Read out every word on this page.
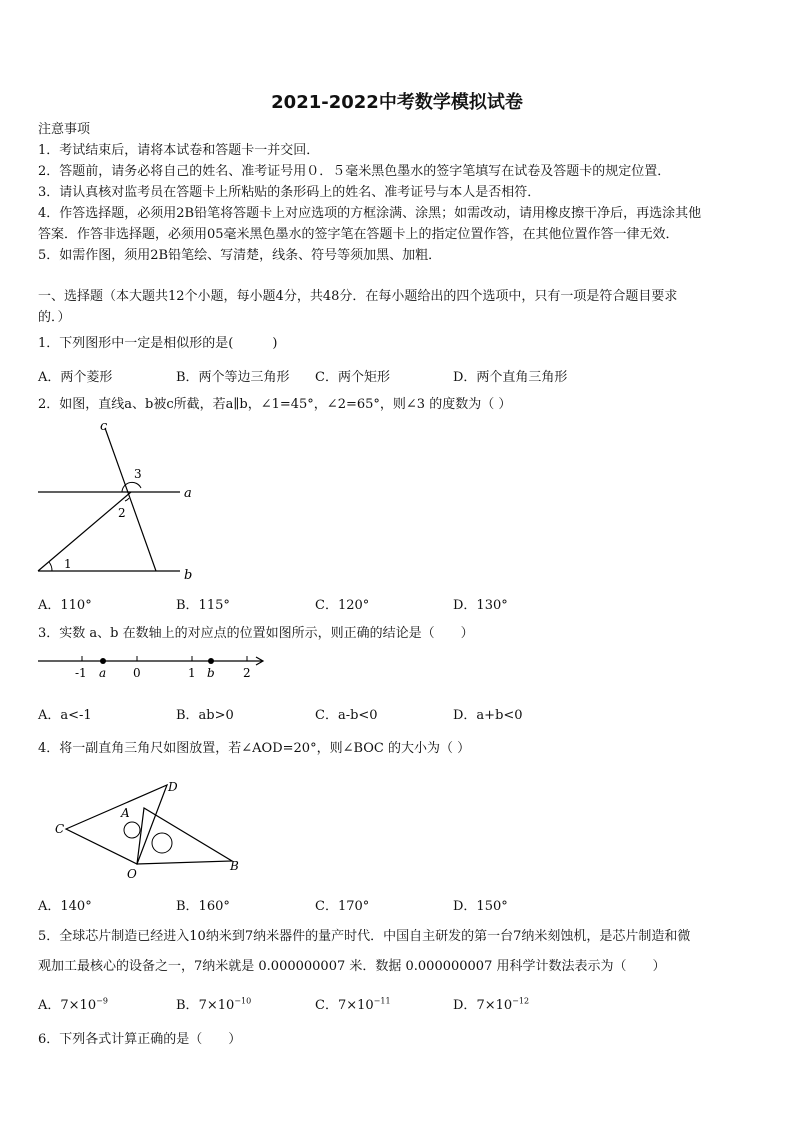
2021-2022中考数学模拟试卷
注意事项
1．考试结束后，请将本试卷和答题卡一并交回．
2．答题前，请务必将自己的姓名、准考证号用０．５毫米黑色墨水的签字笔填写在试卷及答题卡的规定位置．
3．请认真核对监考员在答题卡上所粘贴的条形码上的姓名、准考证号与本人是否相符．
4．作答选择题，必须用2B铅笔将答题卡上对应选项的方框涂满、涂黑；如需改动，请用橡皮擦干净后，再选涂其他
答案．作答非选择题，必须用05毫米黑色墨水的签字笔在答题卡上的指定位置作答，在其他位置作答一律无效．
5．如需作图，须用2B铅笔绘、写清楚，线条、符号等须加黑、加粗．
一、选择题（本大题共12个小题，每小题4分，共48分．在每小题给出的四个选项中，只有一项是符合题目要求
的．）
1．下列图形中一定是相似形的是(　　　)
A．两个菱形	B．两个等边三角形 C．两个矩形	D．两个直角三角形
2．如图，直线a、b被c所截，若a∥b，∠1=45°，∠2=65°，则∠3 的度数为（ ）
c
a
b
3
2
1
A．110°	B．115°	C．120°	D．130°
3．实数 a、b 在数轴上的对应点的位置如图所示，则正确的结论是（　　）
-1 a 0	1 b 2
A．a<-1	B．ab>0	C．a-b<0	D．a+b<0
4．将一副直角三角尺如图放置，若∠AOD=20°，则∠BOC 的大小为（ ）
D
A
C
O
B
A．140°	B．160°	C．170°	D．150°
5．全球芯片制造已经进入10纳米到7纳米器件的量产时代．中国自主研发的第一台7纳米刻蚀机，是芯片制造和微
观加工最核心的设备之一，7纳米就是 0.000000007 米．数据 0.000000007 用科学计数法表示为（　　）
A．$7\times 10^{-9}$	B．$7\times 10^{-10}$	C．$7\times 10^{-11}$	D．$7\times 10^{-12}$
6．下列各式计算正确的是（　　）
